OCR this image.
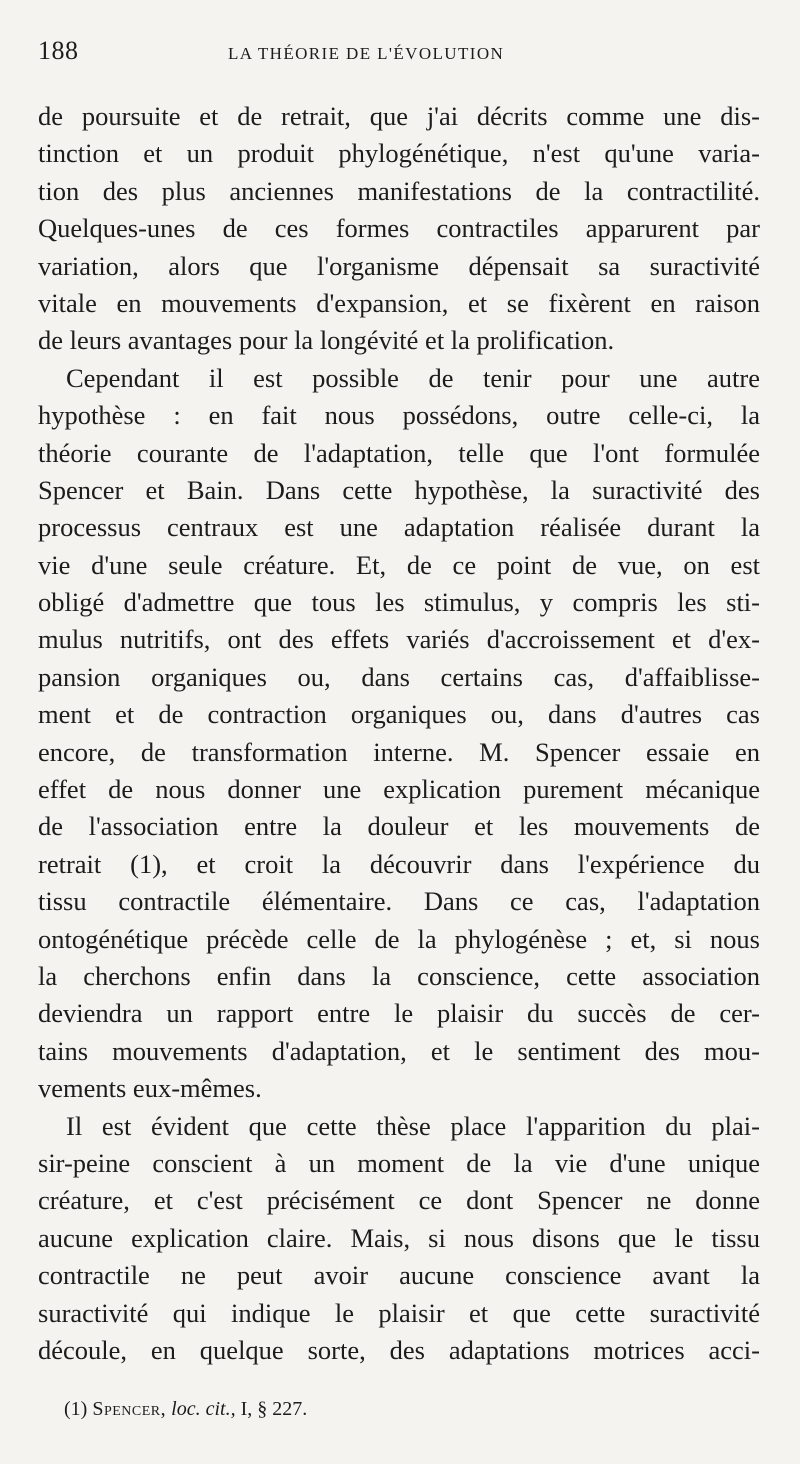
188	LA THÉORIE DE L'ÉVOLUTION
de poursuite et de retrait, que j'ai décrits comme une dis-
tinction et un produit phylogénétique, n'est qu'une varia-
tion des plus anciennes manifestations de la contractilité.
Quelques-unes de ces formes contractiles apparurent par
variation, alors que l'organisme dépensait sa suractivité
vitale en mouvements d'expansion, et se fixèrent en raison
de leurs avantages pour la longévité et la prolification.
Cependant il est possible de tenir pour une autre
hypothèse : en fait nous possédons, outre celle-ci, la
théorie courante de l'adaptation, telle que l'ont formulée
Spencer et Bain. Dans cette hypothèse, la suractivité des
processus centraux est une adaptation réalisée durant la
vie d'une seule créature. Et, de ce point de vue, on est
obligé d'admettre que tous les stimulus, y compris les sti-
mulus nutritifs, ont des effets variés d'accroissement et d'ex-
pansion organiques ou, dans certains cas, d'affaiblisse-
ment et de contraction organiques ou, dans d'autres cas
encore, de transformation interne. M. Spencer essaie en
effet de nous donner une explication purement mécanique
de l'association entre la douleur et les mouvements de
retrait (1), et croit la découvrir dans l'expérience du
tissu contractile élémentaire. Dans ce cas, l'adaptation
ontogénétique précède celle de la phylogénèse ; et, si nous
la cherchons enfin dans la conscience, cette association
deviendra un rapport entre le plaisir du succès de cer-
tains mouvements d'adaptation, et le sentiment des mou-
vements eux-mêmes.
Il est évident que cette thèse place l'apparition du plai-
sir-peine conscient à un moment de la vie d'une unique
créature, et c'est précisément ce dont Spencer ne donne
aucune explication claire. Mais, si nous disons que le tissu
contractile ne peut avoir aucune conscience avant la
suractivité qui indique le plaisir et que cette suractivité
découle, en quelque sorte, des adaptations motrices acci-
(1) Spencer, loc. cit., I, § 227.
